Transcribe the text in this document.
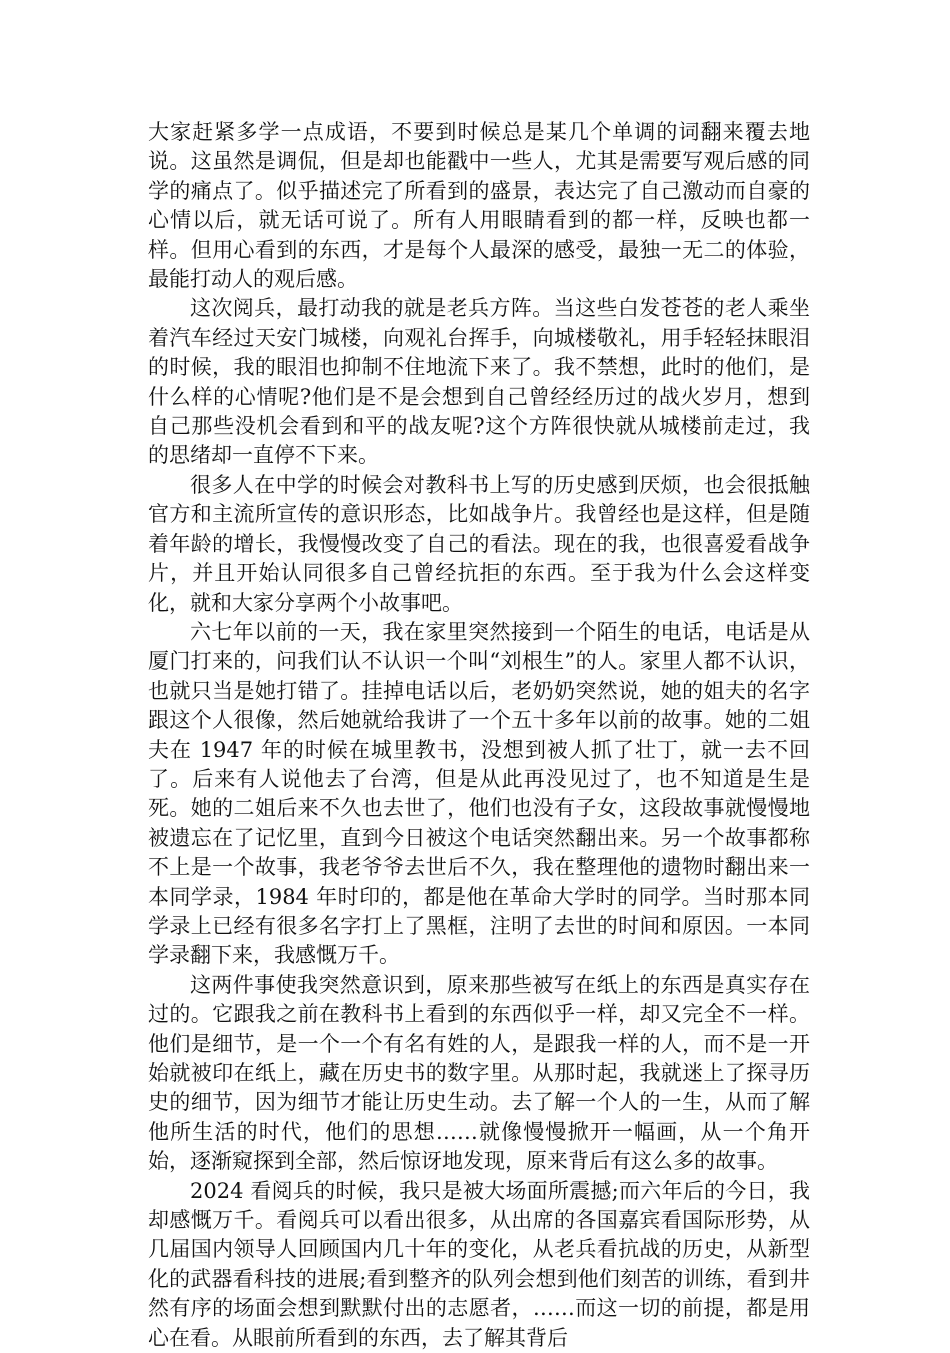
大家赶紧多学一点成语，不要到时候总是某几个单调的词翻来覆去地说。这虽然是调侃，但是却也能戳中一些人，尤其是需要写观后感的同学的痛点了。似乎描述完了所看到的盛景，表达完了自己激动而自豪的心情以后，就无话可说了。所有人用眼睛看到的都一样，反映也都一样。但用心看到的东西，才是每个人最深的感受，最独一无二的体验，最能打动人的观后感。

这次阅兵，最打动我的就是老兵方阵。当这些白发苍苍的老人乘坐着汽车经过天安门城楼，向观礼台挥手，向城楼敬礼，用手轻轻抹眼泪的时候，我的眼泪也抑制不住地流下来了。我不禁想，此时的他们，是什么样的心情呢?他们是不是会想到自己曾经经历过的战火岁月，想到自己那些没机会看到和平的战友呢?这个方阵很快就从城楼前走过，我的思绪却一直停不下来。

很多人在中学的时候会对教科书上写的历史感到厌烦，也会很抵触官方和主流所宣传的意识形态，比如战争片。我曾经也是这样，但是随着年龄的增长，我慢慢改变了自己的看法。现在的我，也很喜爱看战争片，并且开始认同很多自己曾经抗拒的东西。至于我为什么会这样变化，就和大家分享两个小故事吧。

六七年以前的一天，我在家里突然接到一个陌生的电话，电话是从厦门打来的，问我们认不认识一个叫“刘根生”的人。家里人都不认识，也就只当是她打错了。挂掉电话以后，老奶奶突然说，她的姐夫的名字跟这个人很像，然后她就给我讲了一个五十多年以前的故事。她的二姐夫在 1947 年的时候在城里教书，没想到被人抓了壮丁，就一去不回了。后来有人说他去了台湾，但是从此再没见过了，也不知道是生是死。她的二姐后来不久也去世了，他们也没有子女，这段故事就慢慢地被遗忘在了记忆里，直到今日被这个电话突然翻出来。另一个故事都称不上是一个故事，我老爷爷去世后不久，我在整理他的遗物时翻出来一本同学录，1984 年时印的，都是他在革命大学时的同学。当时那本同学录上已经有很多名字打上了黑框，注明了去世的时间和原因。一本同学录翻下来，我感慨万千。

这两件事使我突然意识到，原来那些被写在纸上的东西是真实存在过的。它跟我之前在教科书上看到的东西似乎一样，却又完全不一样。他们是细节，是一个一个有名有姓的人，是跟我一样的人，而不是一开始就被印在纸上，藏在历史书的数字里。从那时起，我就迷上了探寻历史的细节，因为细节才能让历史生动。去了解一个人的一生，从而了解他所生活的时代，他们的思想……就像慢慢掀开一幅画，从一个角开始，逐渐窥探到全部，然后惊讶地发现，原来背后有这么多的故事。

2024 看阅兵的时候，我只是被大场面所震撼;而六年后的今日，我却感慨万千。看阅兵可以看出很多，从出席的各国嘉宾看国际形势，从几届国内领导人回顾国内几十年的变化，从老兵看抗战的历史，从新型化的武器看科技的进展;看到整齐的队列会想到他们刻苦的训练，看到井然有序的场面会想到默默付出的志愿者，……而这一切的前提，都是用心在看。从眼前所看到的东西，去了解其背后
